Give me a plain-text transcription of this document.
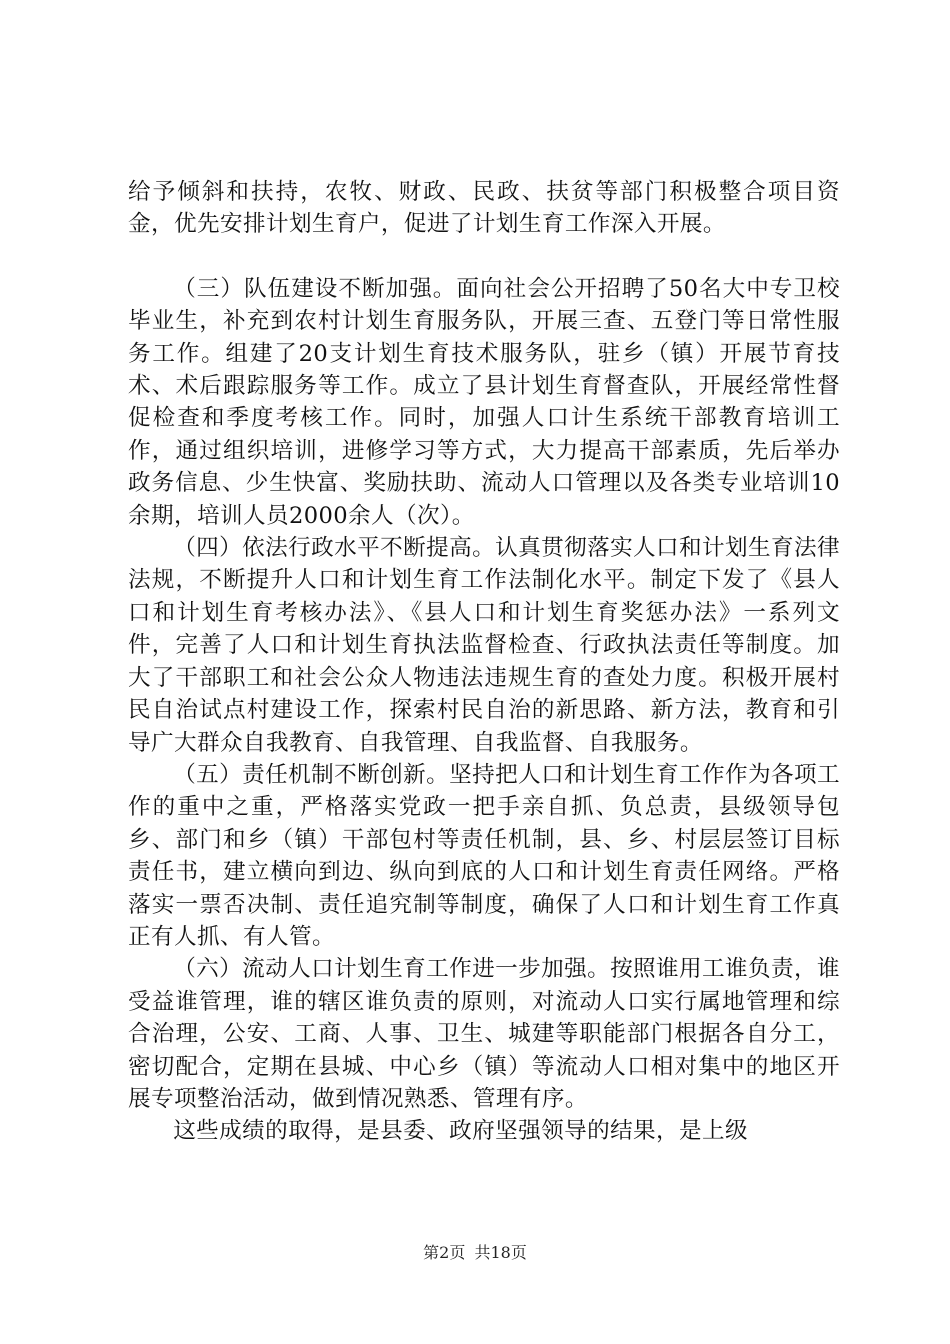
给予倾斜和扶持，农牧、财政、民政、扶贫等部门积极整合项目资金，优先安排计划生育户，促进了计划生育工作深入开展。

（三）队伍建设不断加强。面向社会公开招聘了50名大中专卫校毕业生，补充到农村计划生育服务队，开展三查、五登门等日常性服务工作。组建了20支计划生育技术服务队，驻乡（镇）开展节育技术、术后跟踪服务等工作。成立了县计划生育督查队，开展经常性督促检查和季度考核工作。同时，加强人口计生系统干部教育培训工作，通过组织培训，进修学习等方式，大力提高干部素质，先后举办政务信息、少生快富、奖励扶助、流动人口管理以及各类专业培训10余期，培训人员2000余人（次）。

（四）依法行政水平不断提高。认真贯彻落实人口和计划生育法律法规，不断提升人口和计划生育工作法制化水平。制定下发了《县人口和计划生育考核办法》、《县人口和计划生育奖惩办法》一系列文件，完善了人口和计划生育执法监督检查、行政执法责任等制度。加大了干部职工和社会公众人物违法违规生育的查处力度。积极开展村民自治试点村建设工作，探索村民自治的新思路、新方法，教育和引导广大群众自我教育、自我管理、自我监督、自我服务。

（五）责任机制不断创新。坚持把人口和计划生育工作作为各项工作的重中之重，严格落实党政一把手亲自抓、负总责，县级领导包乡、部门和乡（镇）干部包村等责任机制，县、乡、村层层签订目标责任书，建立横向到边、纵向到底的人口和计划生育责任网络。严格落实一票否决制、责任追究制等制度，确保了人口和计划生育工作真正有人抓、有人管。

（六）流动人口计划生育工作进一步加强。按照谁用工谁负责，谁受益谁管理，谁的辖区谁负责的原则，对流动人口实行属地管理和综合治理，公安、工商、人事、卫生、城建等职能部门根据各自分工，密切配合，定期在县城、中心乡（镇）等流动人口相对集中的地区开展专项整治活动，做到情况熟悉、管理有序。

这些成绩的取得，是县委、政府坚强领导的结果，是上级

第2页 共18页
